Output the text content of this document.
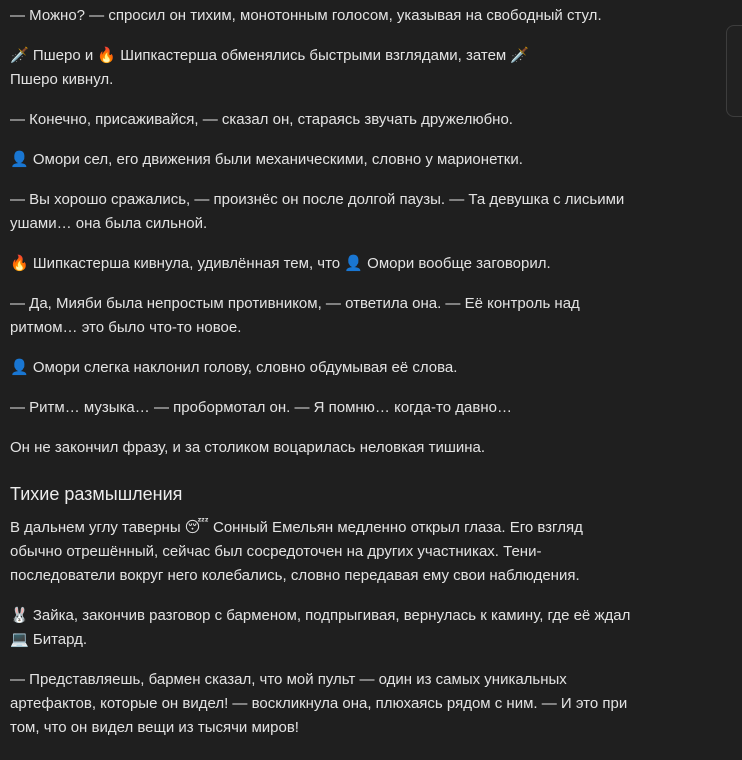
— Можно? — спросил он тихим, монотонным голосом, указывая на свободный стул.

🗡️ Пшеро и 🔥 Шипкастерша обменялись быстрыми взглядами, затем 🗡️
Пшеро кивнул.

— Конечно, присаживайся, — сказал он, стараясь звучать дружелюбно.

👤 Омори сел, его движения были механическими, словно у марионетки.

— Вы хорошо сражались, — произнёс он после долгой паузы. — Та девушка с лисьими
ушами… она была сильной.

🔥 Шипкастерша кивнула, удивлённая тем, что 👤 Омори вообще заговорил.

— Да, Мияби была непростым противником, — ответила она. — Её контроль над
ритмом… это было что-то новое.

👤 Омори слегка наклонил голову, словно обдумывая её слова.

— Ритм… музыка… — пробормотал он. — Я помню… когда-то давно…

Он не закончил фразу, и за столиком воцарилась неловкая тишина.

Тихие размышления

В дальнем углу таверны 😴 Сонный Емельян медленно открыл глаза. Его взгляд
обычно отрешённый, сейчас был сосредоточен на других участниках. Тени-
последователи вокруг него колебались, словно передавая ему свои наблюдения.

🐰 Зайка, закончив разговор с барменом, подпрыгивая, вернулась к камину, где её ждал
💻 Битард.

— Представляешь, бармен сказал, что мой пульт — один из самых уникальных
артефактов, которые он видел! — воскликнула она, плюхаясь рядом с ним. — И это при
том, что он видел вещи из тысячи миров!
